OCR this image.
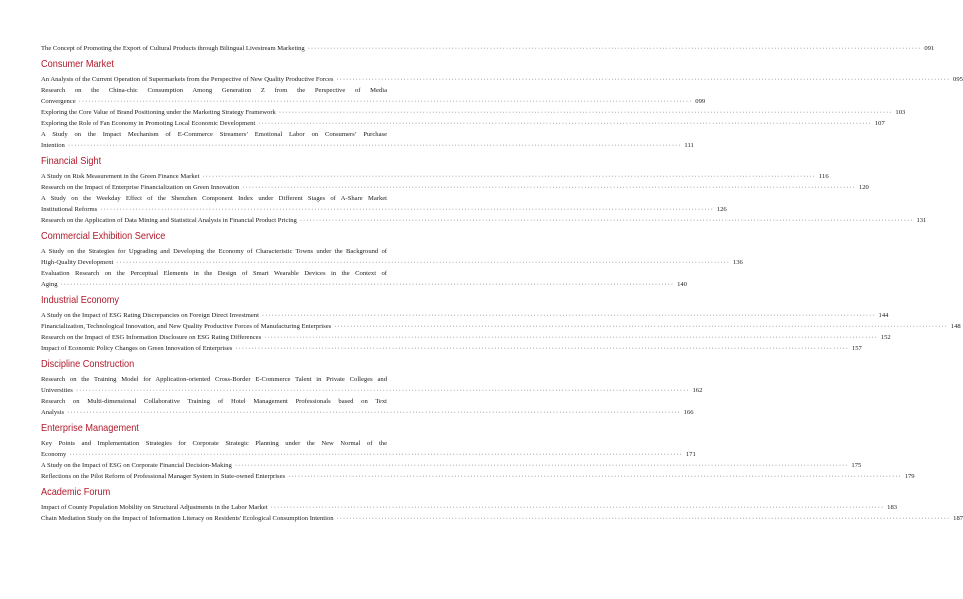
The Concept of Promoting the Export of Cultural Products through Bilingual Livestream Marketing ·····	091
Consumer Market
An Analysis of the Current Operation of Supermarkets from the Perspective of New Quality Productive Forces ·····	095
Research on the China-chic Consumption Among Generation Z from the Perspective of Media
Convergence ·····	099
Exploring the Core Value of Brand Positioning under the Marketing Strategy Framework ·····	103
Exploring the Role of Fan Economy in Promoting Local Economic Development ·····	107
A Study on the Impact Mechanism of E-Commerce Streamers’ Emotional Labor on Consumers’ Purchase
Intention ·····	111
Financial Sight
A Study on Risk Measurement in the Green Finance Market ·····	116
Research on the Impact of Enterprise Financialization on Green Innovation ·····	120
A Study on the Weekday Effect of the Shenzhen Component Index under Different Stages of A-Share Market
Institutional Reforms ·····	126
Research on the Application of Data Mining and Statistical Analysis in Financial Product Pricing ·····	131
Commercial Exhibition Service
A Study on the Strategies for Upgrading and Developing the Economy of Characteristic Towns under the Background of
High-Quality Development ·····	136
Evaluation Research on the Perceptual Elements in the Design of Smart Wearable Devices in the Context of
Aging ·····	140
Industrial Economy
A Study on the Impact of ESG Rating Discrepancies on Foreign Direct Investment ·····	144
Financialization, Technological Innovation, and New Quality Productive Forces of Manufacturing Enterprises ·····	148
Research on the Impact of ESG Information Disclosure on ESG Rating Differences ·····	152
Impact of Economic Policy Changes on Green Innovation of Enterprises ·····	157
Discipline Construction
Research on the Training Model for Application-oriented Cross-Border E-Commerce Talent in Private Colleges and
Universities ·····	162
Research on Multi-dimensional Collaborative Training of Hotel Management Professionals based on Text
Analysis ·····	166
Enterprise Management
Key Points and Implementation Strategies for Corporate Strategic Planning under the New Normal of the
Economy ·····	171
A Study on the Impact of ESG on Corporate Financial Decision-Making ·····	175
Reflections on the Pilot Reform of Professional Manager System in State-owned Enterprises ·····	179
Academic Forum
Impact of County Population Mobility on Structural Adjustments in the Labor Market ·····	183
Chain Mediation Study on the Impact of Information Literacy on Residents' Ecological Consumption Intention ·····	187
